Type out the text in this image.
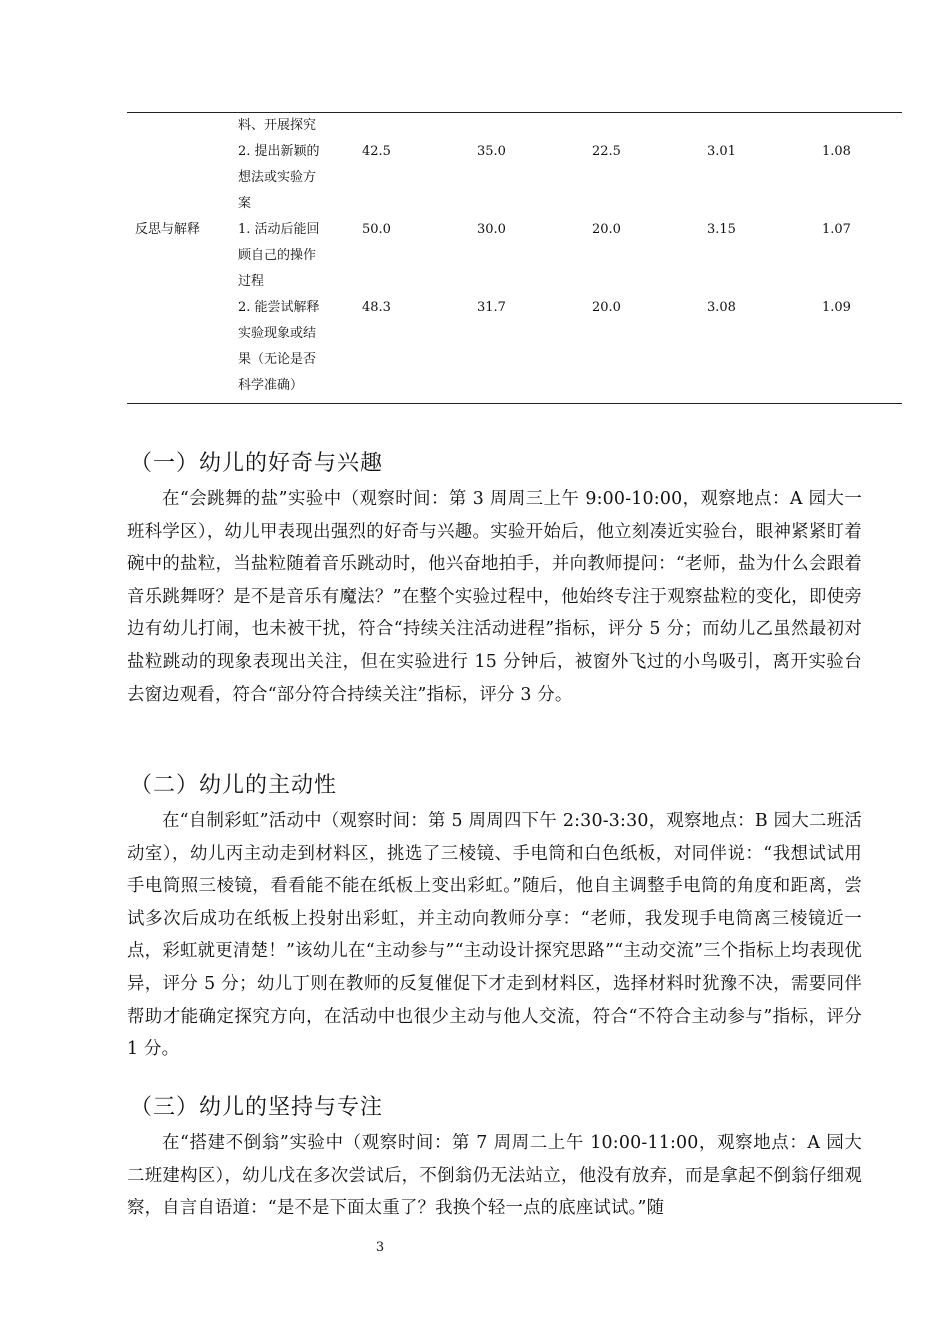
	料、开展探究					

	2. 提出新颖的
想法或实验方
案	42.5	35.0	22.5	3.01	1.08
反思与解释	1. 活动后能回
顾自己的操作
过程	50.0	30.0	20.0	3.15	1.07

	2. 能尝试解释
实验现象或结
果（无论是否
科学准确）	48.3	31.7	20.0	3.08	1.09
（一）幼儿的好奇与兴趣

在“会跳舞的盐”实验中（观察时间：第 3 周周三上午 9:00-10:00，观察地点：A 园大一班科学区），幼儿甲表现出强烈的好奇与兴趣。实验开始后，他立刻凑近实验台，眼神紧紧盯着碗中的盐粒，当盐粒随着音乐跳动时，他兴奋地拍手，并向教师提问：“老师，盐为什么会跟着音乐跳舞呀？是不是音乐有魔法？”在整个实验过程中，他始终专注于观察盐粒的变化，即使旁边有幼儿打闹，也未被干扰，符合“持续关注活动进程”指标，评分 5 分；而幼儿乙虽然最初对盐粒跳动的现象表现出关注，但在实验进行 15 分钟后，被窗外飞过的小鸟吸引，离开实验台去窗边观看，符合“部分符合持续关注”指标，评分 3 分。

（二）幼儿的主动性

在“自制彩虹”活动中（观察时间：第 5 周周四下午 2:30-3:30，观察地点：B 园大二班活动室），幼儿丙主动走到材料区，挑选了三棱镜、手电筒和白色纸板，对同伴说：“我想试试用手电筒照三棱镜，看看能不能在纸板上变出彩虹。”随后，他自主调整手电筒的角度和距离，尝试多次后成功在纸板上投射出彩虹，并主动向教师分享：“老师，我发现手电筒离三棱镜近一点，彩虹就更清楚！”该幼儿在“主动参与”“主动设计探究思路”“主动交流”三个指标上均表现优异，评分 5 分；幼儿丁则在教师的反复催促下才走到材料区，选择材料时犹豫不决，需要同伴帮助才能确定探究方向，在活动中也很少主动与他人交流，符合“不符合主动参与”指标，评分 1 分。

（三）幼儿的坚持与专注

在“搭建不倒翁”实验中（观察时间：第 7 周周二上午 10:00-11:00，观察地点：A 园大二班建构区），幼儿戊在多次尝试后，不倒翁仍无法站立，他没有放弃，而是拿起不倒翁仔细观察，自言自语道：“是不是下面太重了？我换个轻一点的底座试试。”随

3
